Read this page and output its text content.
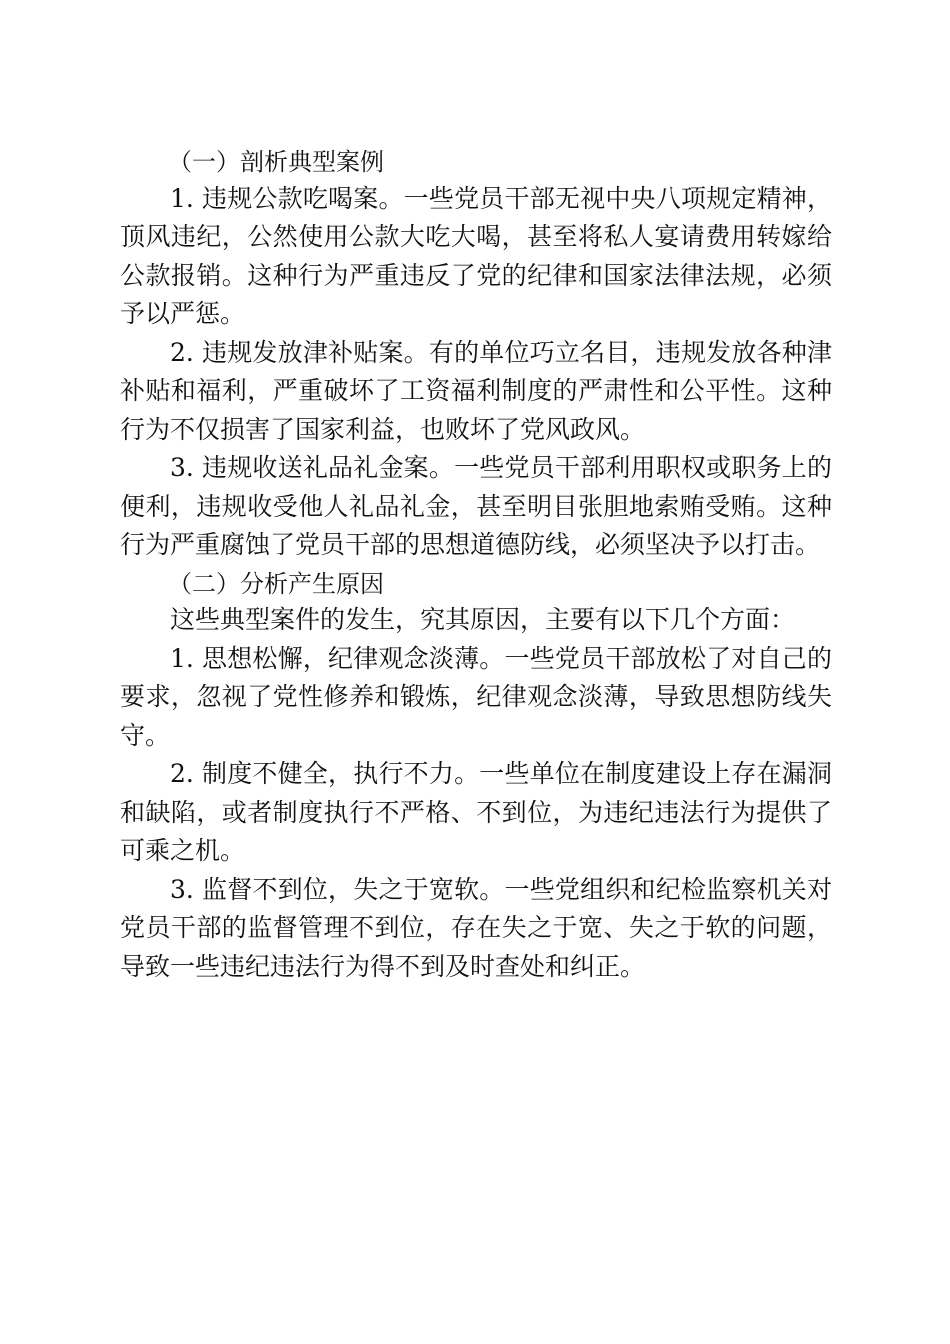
（一）剖析典型案例

1. 违规公款吃喝案。一些党员干部无视中央八项规定精神，顶风违纪，公然使用公款大吃大喝，甚至将私人宴请费用转嫁给公款报销。这种行为严重违反了党的纪律和国家法律法规，必须予以严惩。

2. 违规发放津补贴案。有的单位巧立名目，违规发放各种津补贴和福利，严重破坏了工资福利制度的严肃性和公平性。这种行为不仅损害了国家利益，也败坏了党风政风。

3. 违规收送礼品礼金案。一些党员干部利用职权或职务上的便利，违规收受他人礼品礼金，甚至明目张胆地索贿受贿。这种行为严重腐蚀了党员干部的思想道德防线，必须坚决予以打击。

（二）分析产生原因

这些典型案件的发生，究其原因，主要有以下几个方面：

1. 思想松懈，纪律观念淡薄。一些党员干部放松了对自己的要求，忽视了党性修养和锻炼，纪律观念淡薄，导致思想防线失守。

2. 制度不健全，执行不力。一些单位在制度建设上存在漏洞和缺陷，或者制度执行不严格、不到位，为违纪违法行为提供了可乘之机。

3. 监督不到位，失之于宽软。一些党组织和纪检监察机关对党员干部的监督管理不到位，存在失之于宽、失之于软的问题，导致一些违纪违法行为得不到及时查处和纠正。
